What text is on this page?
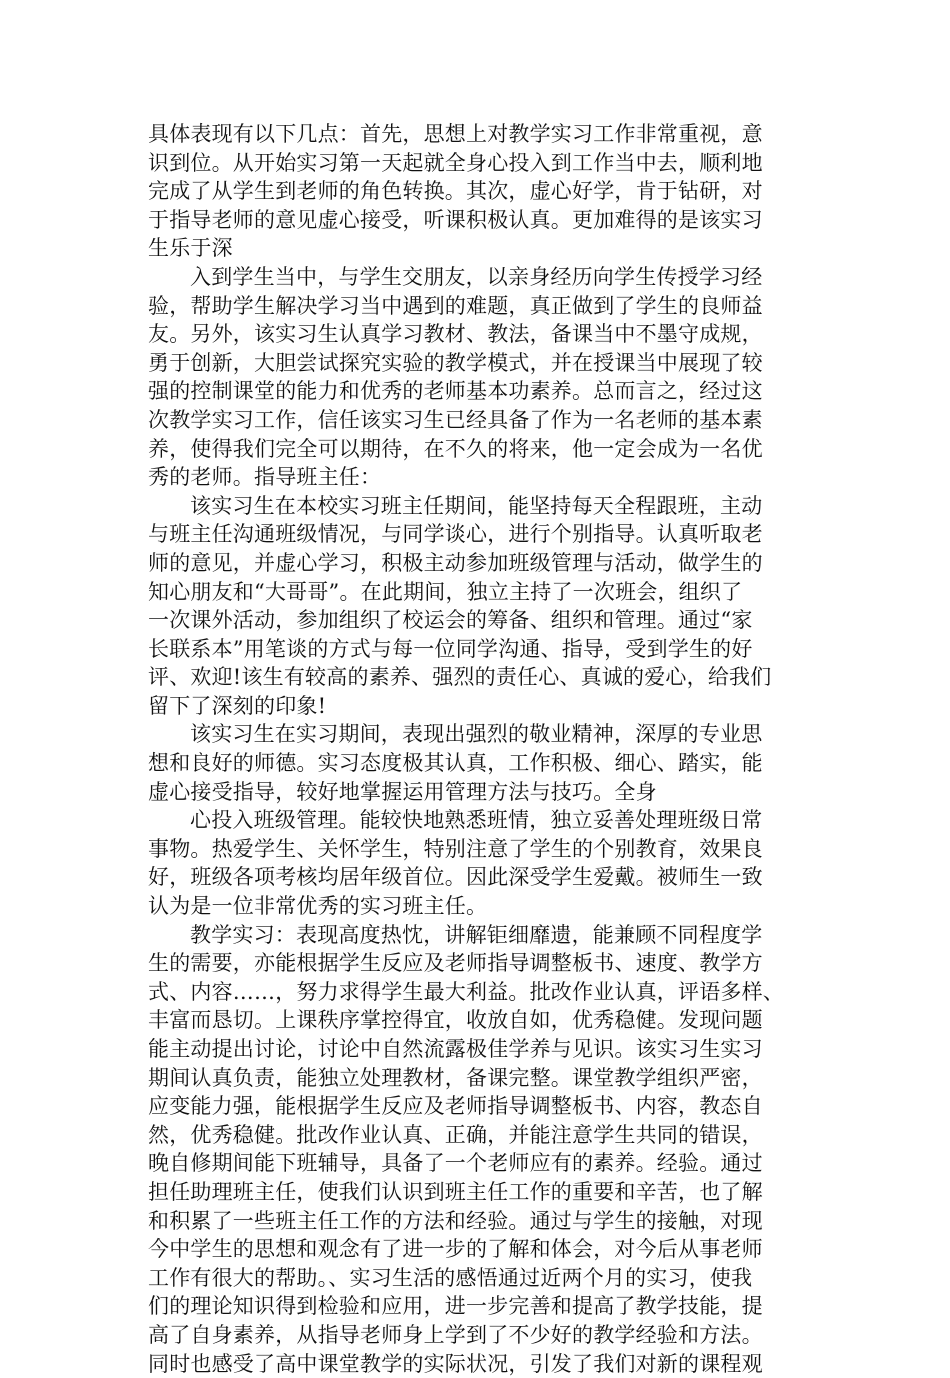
具体表现有以下几点：首先，思想上对教学实习工作非常重视，意
识到位。从开始实习第一天起就全身心投入到工作当中去，顺利地
完成了从学生到老师的角色转换。其次，虚心好学，肯于钻研，对
于指导老师的意见虚心接受，听课积极认真。更加难得的是该实习
生乐于深
入到学生当中，与学生交朋友，以亲身经历向学生传授学习经
验，帮助学生解决学习当中遇到的难题，真正做到了学生的良师益
友。另外，该实习生认真学习教材、教法，备课当中不墨守成规，
勇于创新，大胆尝试探究实验的教学模式，并在授课当中展现了较
强的控制课堂的能力和优秀的老师基本功素养。总而言之，经过这
次教学实习工作，信任该实习生已经具备了作为一名老师的基本素
养，使得我们完全可以期待，在不久的将来，他一定会成为一名优
秀的老师。指导班主任：
该实习生在本校实习班主任期间，能坚持每天全程跟班，主动
与班主任沟通班级情况，与同学谈心，进行个别指导。认真听取老
师的意见，并虚心学习，积极主动参加班级管理与活动，做学生的
知心朋友和“大哥哥”。在此期间，独立主持了一次班会，组织了
一次课外活动，参加组织了校运会的筹备、组织和管理。通过“家
长联系本”用笔谈的方式与每一位同学沟通、指导，受到学生的好
评、欢迎!该生有较高的素养、强烈的责任心、真诚的爱心，给我们
留下了深刻的印象!
该实习生在实习期间，表现出强烈的敬业精神，深厚的专业思
想和良好的师德。实习态度极其认真，工作积极、细心、踏实，能
虚心接受指导，较好地掌握运用管理方法与技巧。全身
心投入班级管理。能较快地熟悉班情，独立妥善处理班级日常
事物。热爱学生、关怀学生，特别注意了学生的个别教育，效果良
好，班级各项考核均居年级首位。因此深受学生爱戴。被师生一致
认为是一位非常优秀的实习班主任。
教学实习：表现高度热忱，讲解钜细靡遗，能兼顾不同程度学
生的需要，亦能根据学生反应及老师指导调整板书、速度、教学方
式、内容……，努力求得学生最大利益。批改作业认真，评语多样、
丰富而恳切。上课秩序掌控得宜，收放自如，优秀稳健。发现问题
能主动提出讨论，讨论中自然流露极佳学养与见识。该实习生实习
期间认真负责，能独立处理教材，备课完整。课堂教学组织严密，
应变能力强，能根据学生反应及老师指导调整板书、内容，教态自
然，优秀稳健。批改作业认真、正确，并能注意学生共同的错误，
晚自修期间能下班辅导，具备了一个老师应有的素养。经验。通过
担任助理班主任，使我们认识到班主任工作的重要和辛苦，也了解
和积累了一些班主任工作的方法和经验。通过与学生的接触，对现
今中学生的思想和观念有了进一步的了解和体会，对今后从事老师
工作有很大的帮助。、实习生活的感悟通过近两个月的实习，使我
们的理论知识得到检验和应用，进一步完善和提高了教学技能，提
高了自身素养，从指导老师身上学到了不少好的教学经验和方法。
同时也感受了高中课堂教学的实际状况，引发了我们对新的课程观
